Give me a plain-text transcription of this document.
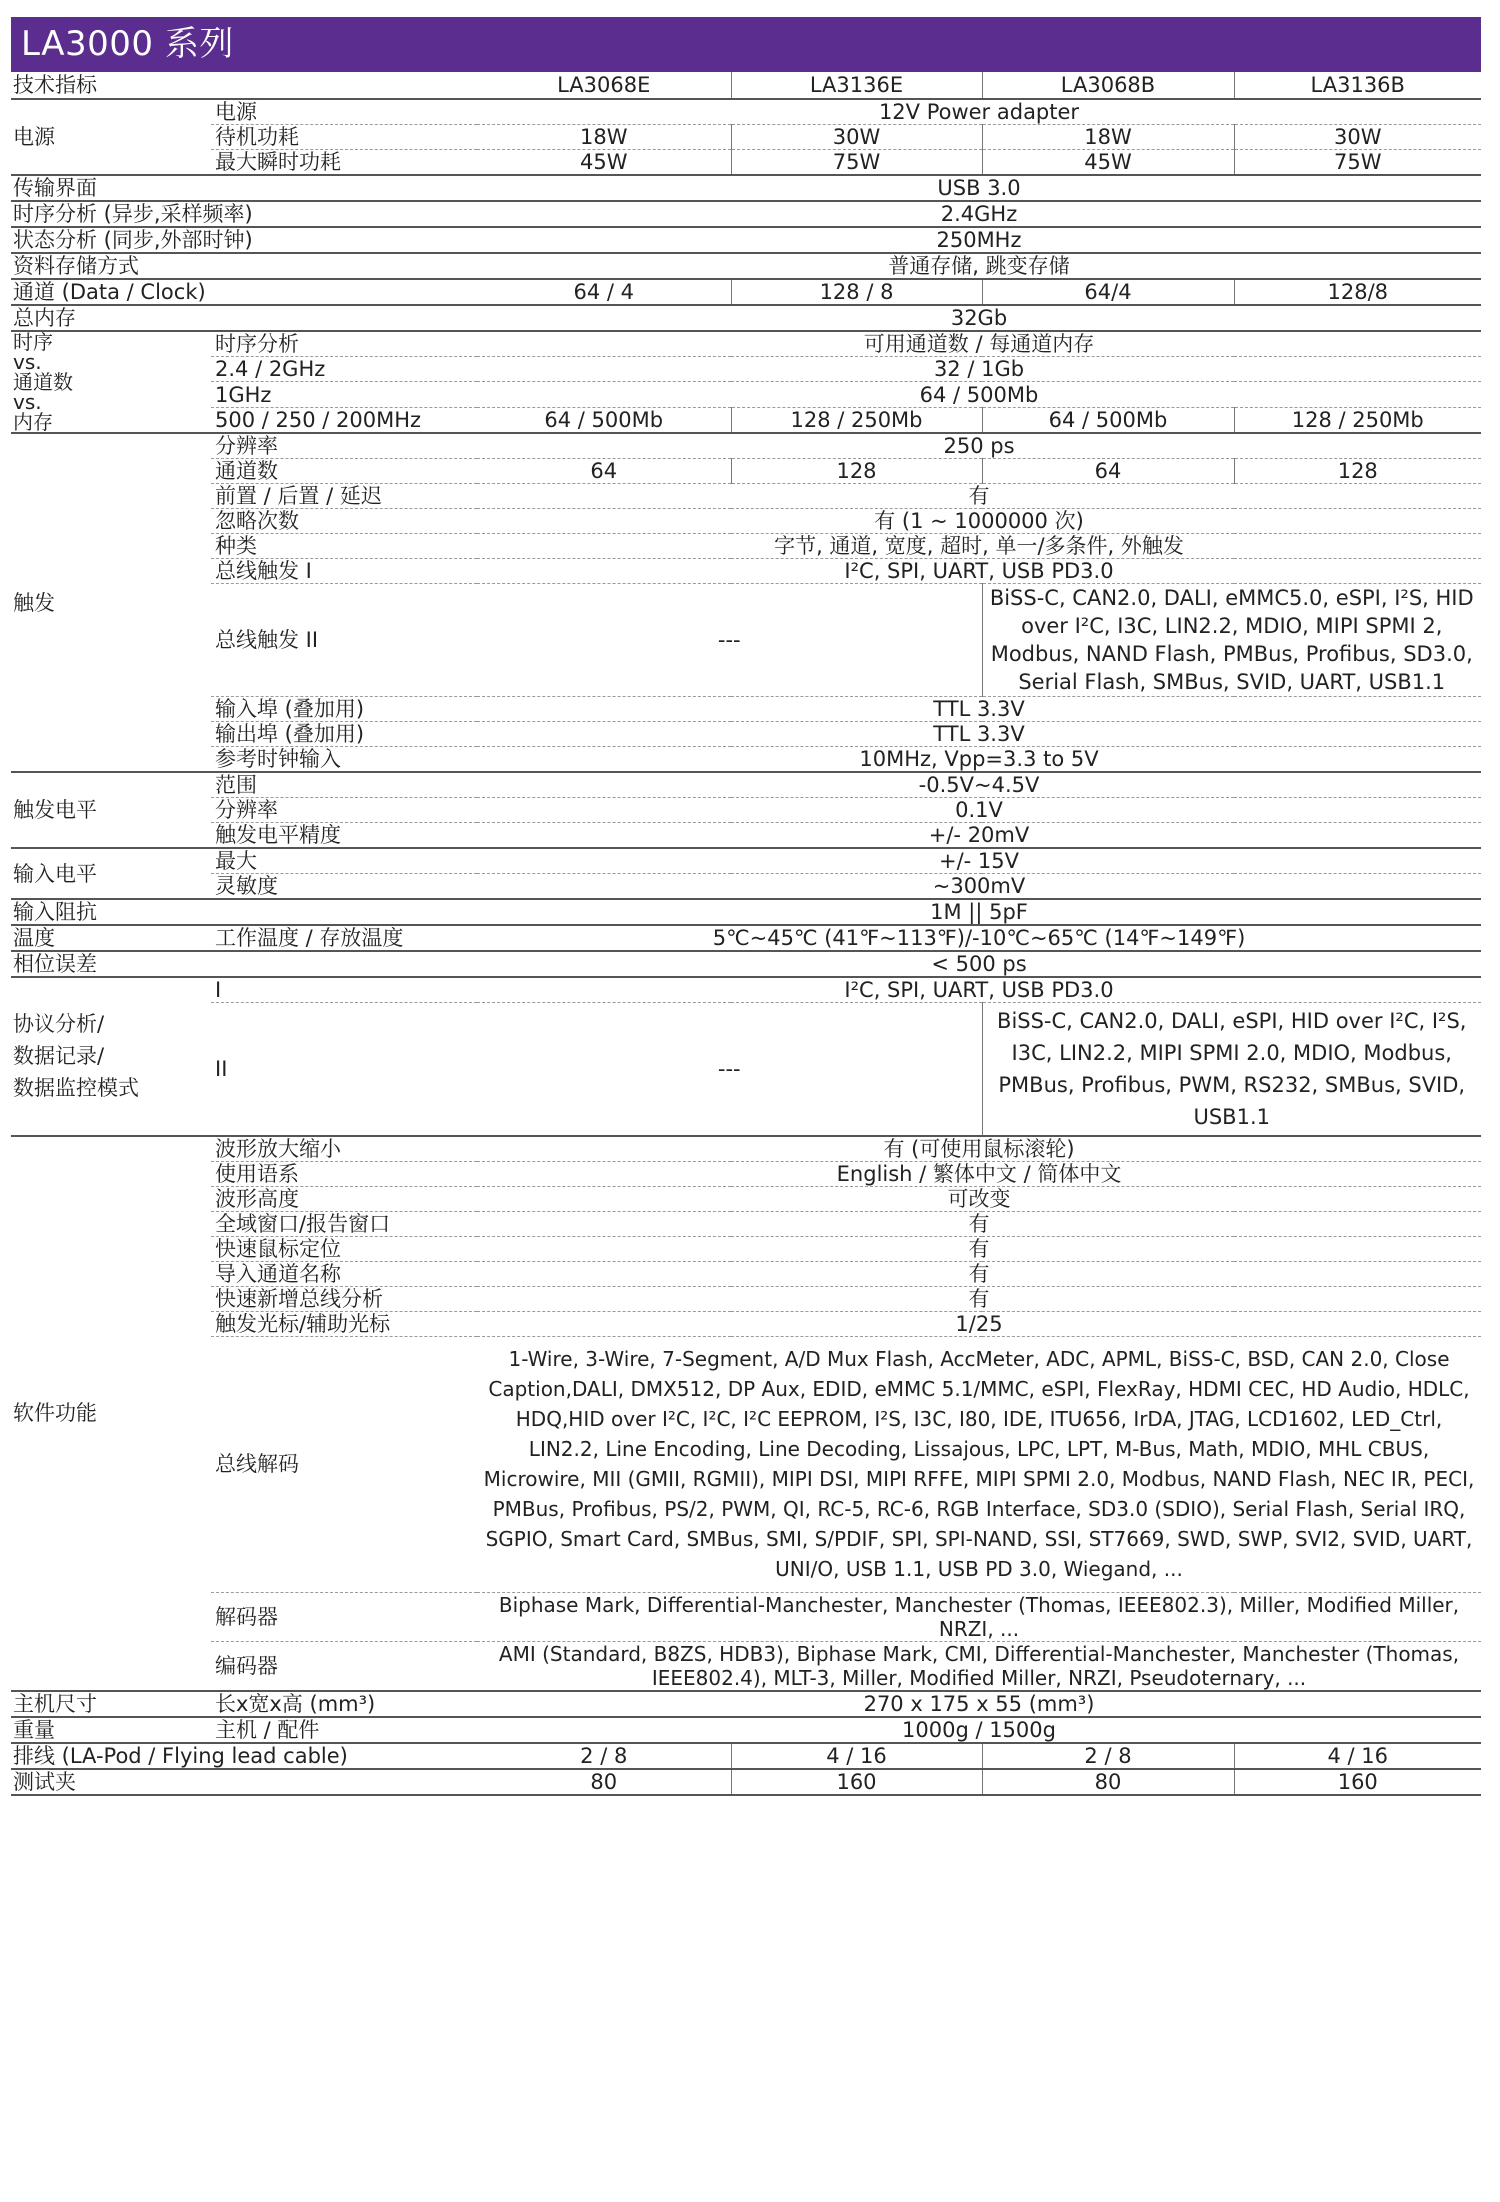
LA3000 系列
技术指标		LA3068E	LA3136E	LA3068B	LA3136B
电源	电源	12V Power adapter			
	待机功耗	18W	30W	18W	30W
	最大瞬时功耗	45W	75W	45W	75W
传输界面		USB 3.0			
时序分析 (异步,采样频率)		2.4GHz			
状态分析 (同步,外部时钟)		250MHz			
资料存储方式		普通存储, 跳变存储			
通道 (Data / Clock)		64 / 4	128 / 8	64/4	128/8
总内存		32Gb			
时序
vs.
通道数
vs.
内存	时序分析	可用通道数 / 每通道内存			
	2.4 / 2GHz	32 / 1Gb			
	1GHz	64 / 500Mb			
	500 / 250 / 200MHz	64 / 500Mb	128 / 250Mb	64 / 500Mb	128 / 250Mb
触发	分辨率	250 ps			
	通道数	64	128	64	128
	前置 / 后置 / 延迟	有			
	忽略次数	有 (1 ~ 1000000 次)			
	种类	字节, 通道, 宽度, 超时, 单一/多条件, 外触发			
	总线触发 I	I²C, SPI, UART, USB PD3.0			
	总线触发 II	---		BiSS-C, CAN2.0, DALI, eMMC5.0, eSPI, I²S, HID over I²C, I3C, LIN2.2, MDIO, MIPI SPMI 2, Modbus, NAND Flash, PMBus, Profibus, SD3.0, Serial Flash, SMBus, SVID, UART, USB1.1	
	输入埠 (叠加用)	TTL 3.3V			
	输出埠 (叠加用)	TTL 3.3V			
	参考时钟输入	10MHz, Vpp=3.3 to 5V			
触发电平	范围	-0.5V~4.5V			
	分辨率	0.1V			
	触发电平精度	+/- 20mV			
输入电平	最大	+/- 15V			
	灵敏度	~300mV			
输入阻抗		1M || 5pF			
温度	工作温度 / 存放温度	5℃~45℃ (41℉~113℉)/-10℃~65℃ (14℉~149℉)			
相位误差		< 500 ps			
协议分析/
数据记录/
数据监控模式	I	I²C, SPI, UART, USB PD3.0			
	II	---		BiSS-C, CAN2.0, DALI, eSPI, HID over I²C, I²S, I3C, LIN2.2, MIPI SPMI 2.0, MDIO, Modbus, PMBus, Profibus, PWM, RS232, SMBus, SVID, USB1.1	
软件功能	波形放大缩小	有 (可使用鼠标滚轮)			
	使用语系	English / 繁体中文 / 简体中文			
	波形高度	可改变			
	全域窗口/报告窗口	有			
	快速鼠标定位	有			
	导入通道名称	有			
	快速新增总线分析	有			
	触发光标/辅助光标	1/25			
	总线解码	1-Wire, 3-Wire, 7-Segment, A/D Mux Flash, AccMeter, ADC, APML, BiSS-C, BSD, CAN 2.0, Close Caption,DALI, DMX512, DP Aux, EDID, eMMC 5.1/MMC, eSPI, FlexRay, HDMI CEC, HD Audio, HDLC, HDQ,HID over I²C, I²C, I²C EEPROM, I²S, I3C, I80, IDE, ITU656, IrDA, JTAG, LCD1602, LED_Ctrl, LIN2.2, Line Encoding, Line Decoding, Lissajous, LPC, LPT, M-Bus, Math, MDIO, MHL CBUS, Microwire, MII (GMII, RGMII), MIPI DSI, MIPI RFFE, MIPI SPMI 2.0, Modbus, NAND Flash, NEC IR, PECI, PMBus, Profibus, PS/2, PWM, QI, RC-5, RC-6, RGB Interface, SD3.0 (SDIO), Serial Flash, Serial IRQ, SGPIO, Smart Card, SMBus, SMI, S/PDIF, SPI, SPI-NAND, SSI, ST7669, SWD, SWP, SVI2, SVID, UART, UNI/O, USB 1.1, USB PD 3.0, Wiegand, ...			
	解码器	Biphase Mark, Differential-Manchester, Manchester (Thomas, IEEE802.3), Miller, Modified Miller, NRZI, ...			
	编码器	AMI (Standard, B8ZS, HDB3), Biphase Mark, CMI, Differential-Manchester, Manchester (Thomas, IEEE802.4), MLT-3, Miller, Modified Miller, NRZI, Pseudoternary, ...			
主机尺寸	长x宽x高 (mm³)	270 x 175 x 55 (mm³)			
重量	主机 / 配件	1000g / 1500g			
排线 (LA-Pod / Flying lead cable)		2 / 8	4 / 16	2 / 8	4 / 16
测试夹		80	160	80	160
